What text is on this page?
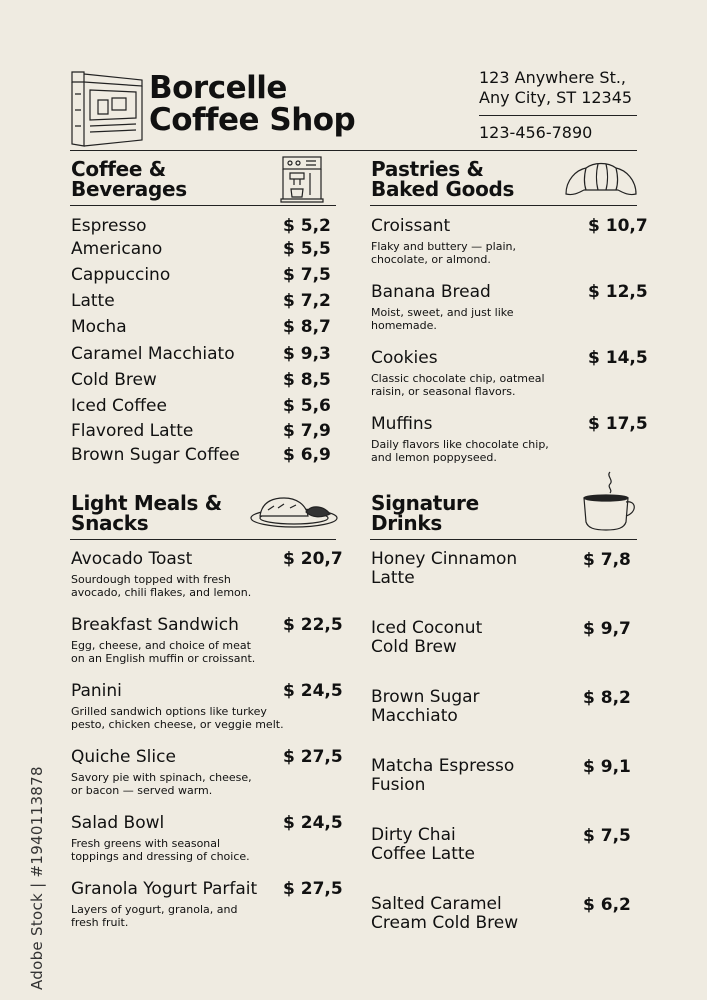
Borcelle
Coffee Shop
123 Anywhere St.,
Any City, ST 12345
123-456-7890
Coffee &
Beverages
Espresso	$ 5,2
Americano	$ 5,5
Cappuccino	$ 7,5
Latte	$ 7,2
Mocha	$ 8,7
Caramel Macchiato	$ 9,3
Cold Brew	$ 8,5
Iced Coffee	$ 5,6
Flavored Latte	$ 7,9
Brown Sugar Coffee	$ 6,9
Pastries &
Baked Goods
Croissant	$ 10,7
Flaky and buttery — plain,
chocolate, or almond.
Banana Bread	$ 12,5
Moist, sweet, and just like
homemade.
Cookies	$ 14,5
Classic chocolate chip, oatmeal
raisin, or seasonal flavors.
Muffins	$ 17,5
Daily flavors like chocolate chip,
and lemon poppyseed.
Light Meals &
Snacks
Avocado Toast	$ 20,7
Sourdough topped with fresh
avocado, chili flakes, and lemon.
Breakfast Sandwich	$ 22,5
Egg, cheese, and choice of meat
on an English muffin or croissant.
Panini	$ 24,5
Grilled sandwich options like turkey
pesto, chicken cheese, or veggie melt.
Quiche Slice	$ 27,5
Savory pie with spinach, cheese,
or bacon — served warm.
Salad Bowl	$ 24,5
Fresh greens with seasonal
toppings and dressing of choice.
Granola Yogurt Parfait	$ 27,5
Layers of yogurt, granola, and
fresh fruit.
Signature
Drinks
Honey Cinnamon
Latte
$ 7,8
Iced Coconut
Cold Brew
$ 9,7
Brown Sugar
Macchiato
$ 8,2
Matcha Espresso
Fusion
$ 9,1
Dirty Chai
Coffee Latte
$ 7,5
Salted Caramel
Cream Cold Brew
$ 6,2
Adobe Stock | #1940113878
